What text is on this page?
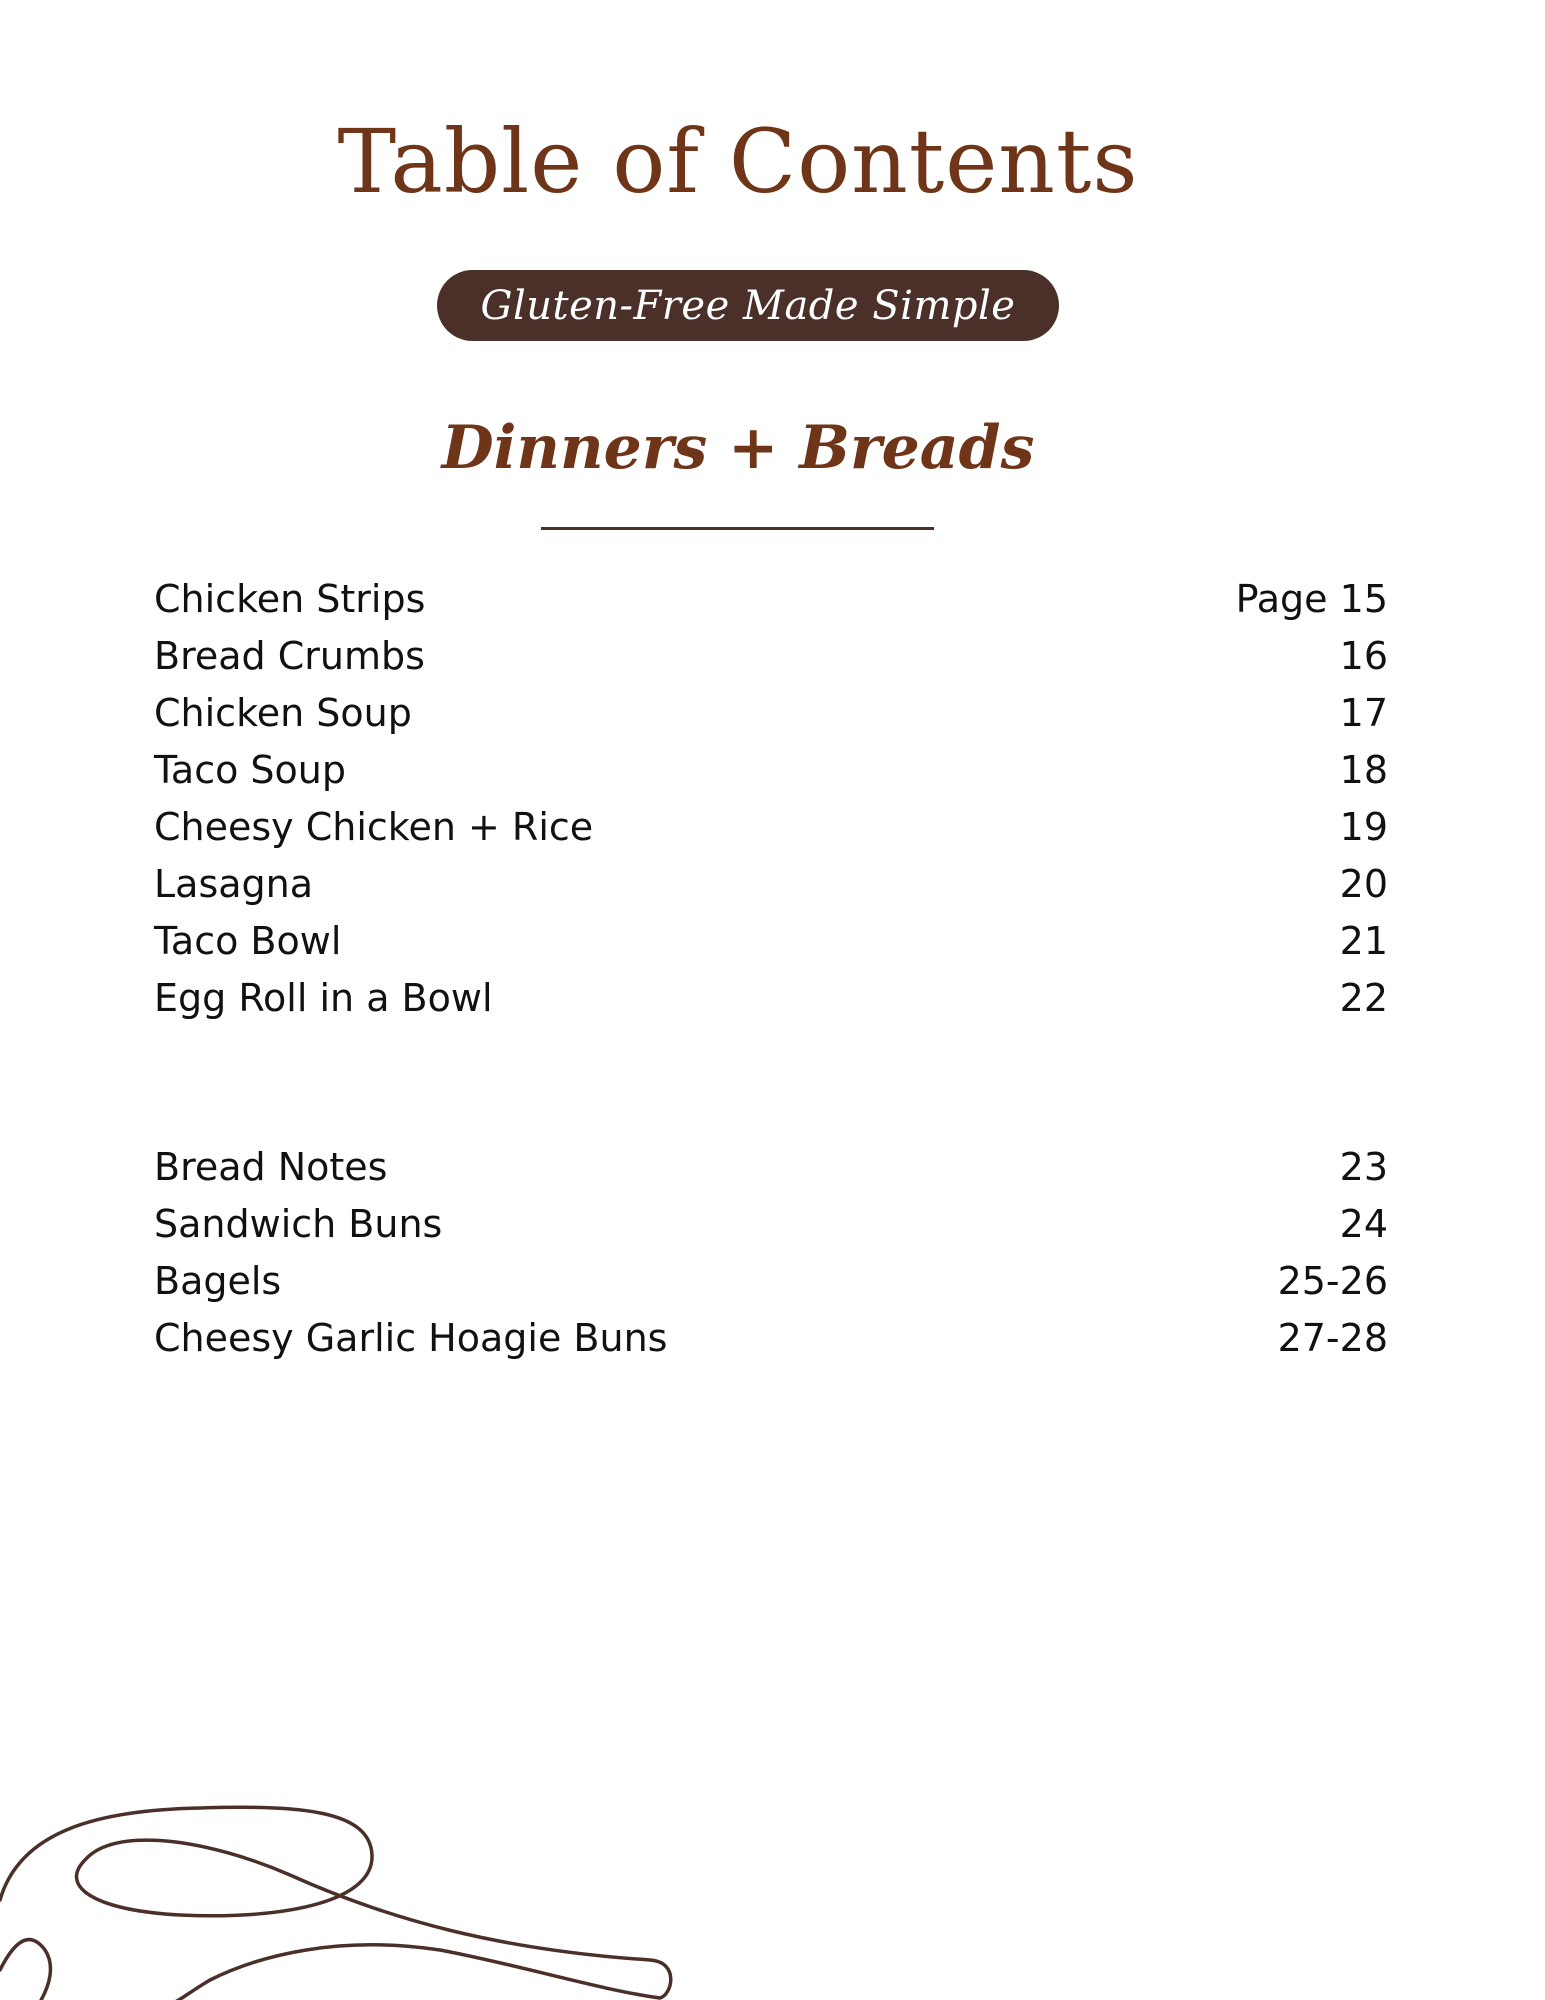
Table of Contents
Gluten-Free Made Simple
Dinners + Breads
Chicken Strips	Page 15
Bread Crumbs	16
Chicken Soup	17
Taco Soup	18
Cheesy Chicken + Rice	19
Lasagna	20
Taco Bowl	21
Egg Roll in a Bowl	22
Bread Notes	23
Sandwich Buns	24
Bagels	25-26
Cheesy Garlic Hoagie Buns	27-28
